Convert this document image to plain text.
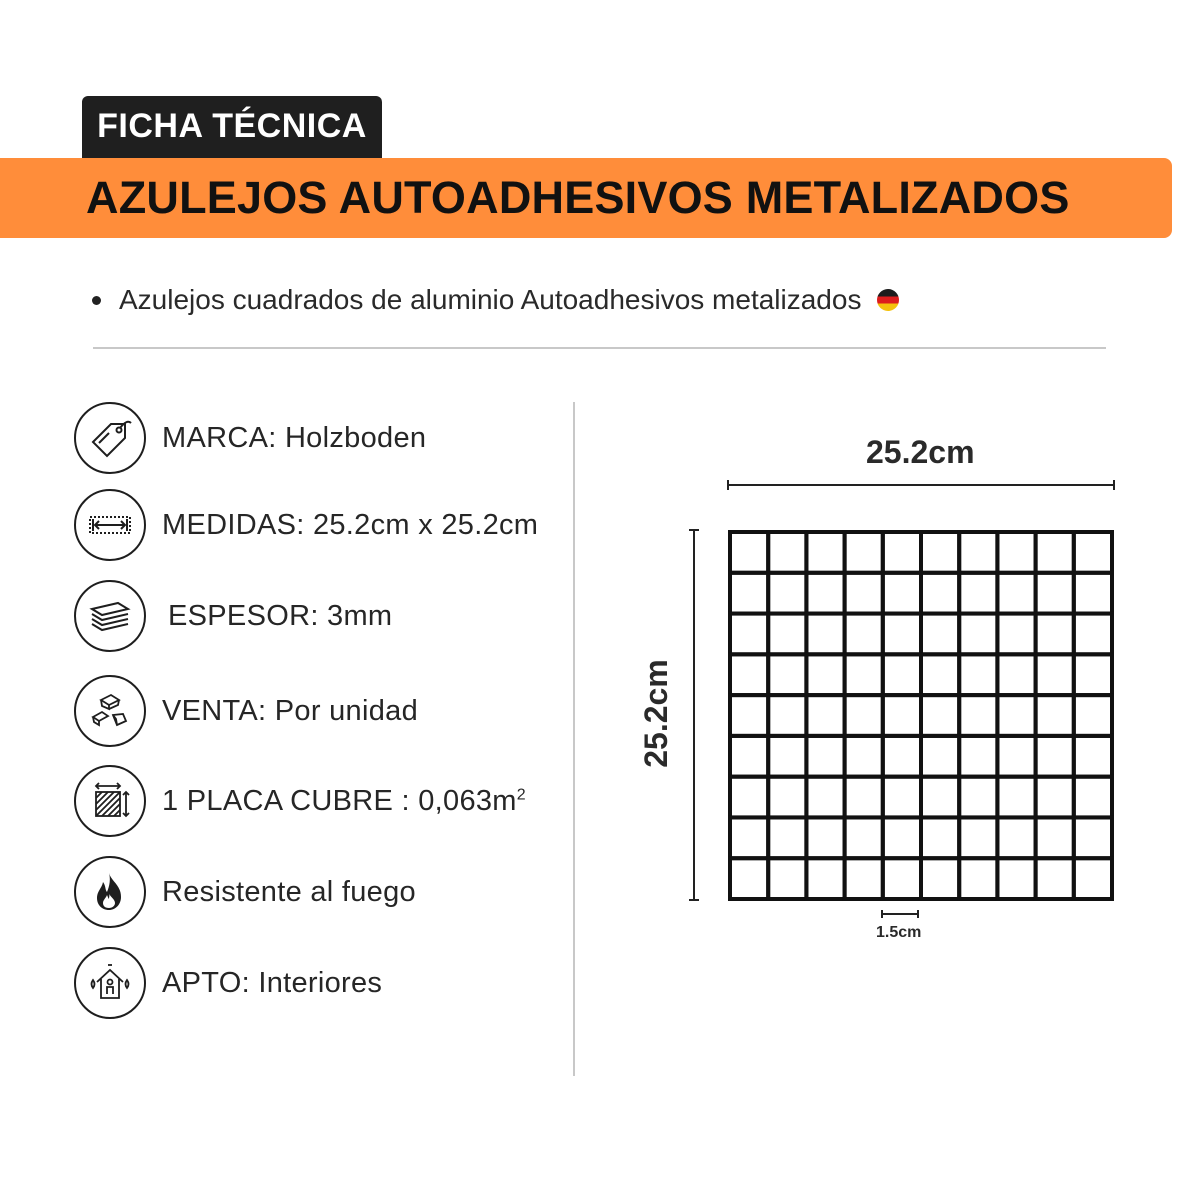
FICHA TÉCNICA
AZULEJOS AUTOADHESIVOS METALIZADOS
Azulejos cuadrados de aluminio Autoadhesivos metalizados
MARCA: Holzboden
MEDIDAS: 25.2cm x 25.2cm
ESPESOR: 3mm
VENTA: Por unidad
1 PLACA CUBRE : $0,063m^2$
Resistente al fuego
APTO: Interiores
25.2cm
25.2cm
1.5cm
